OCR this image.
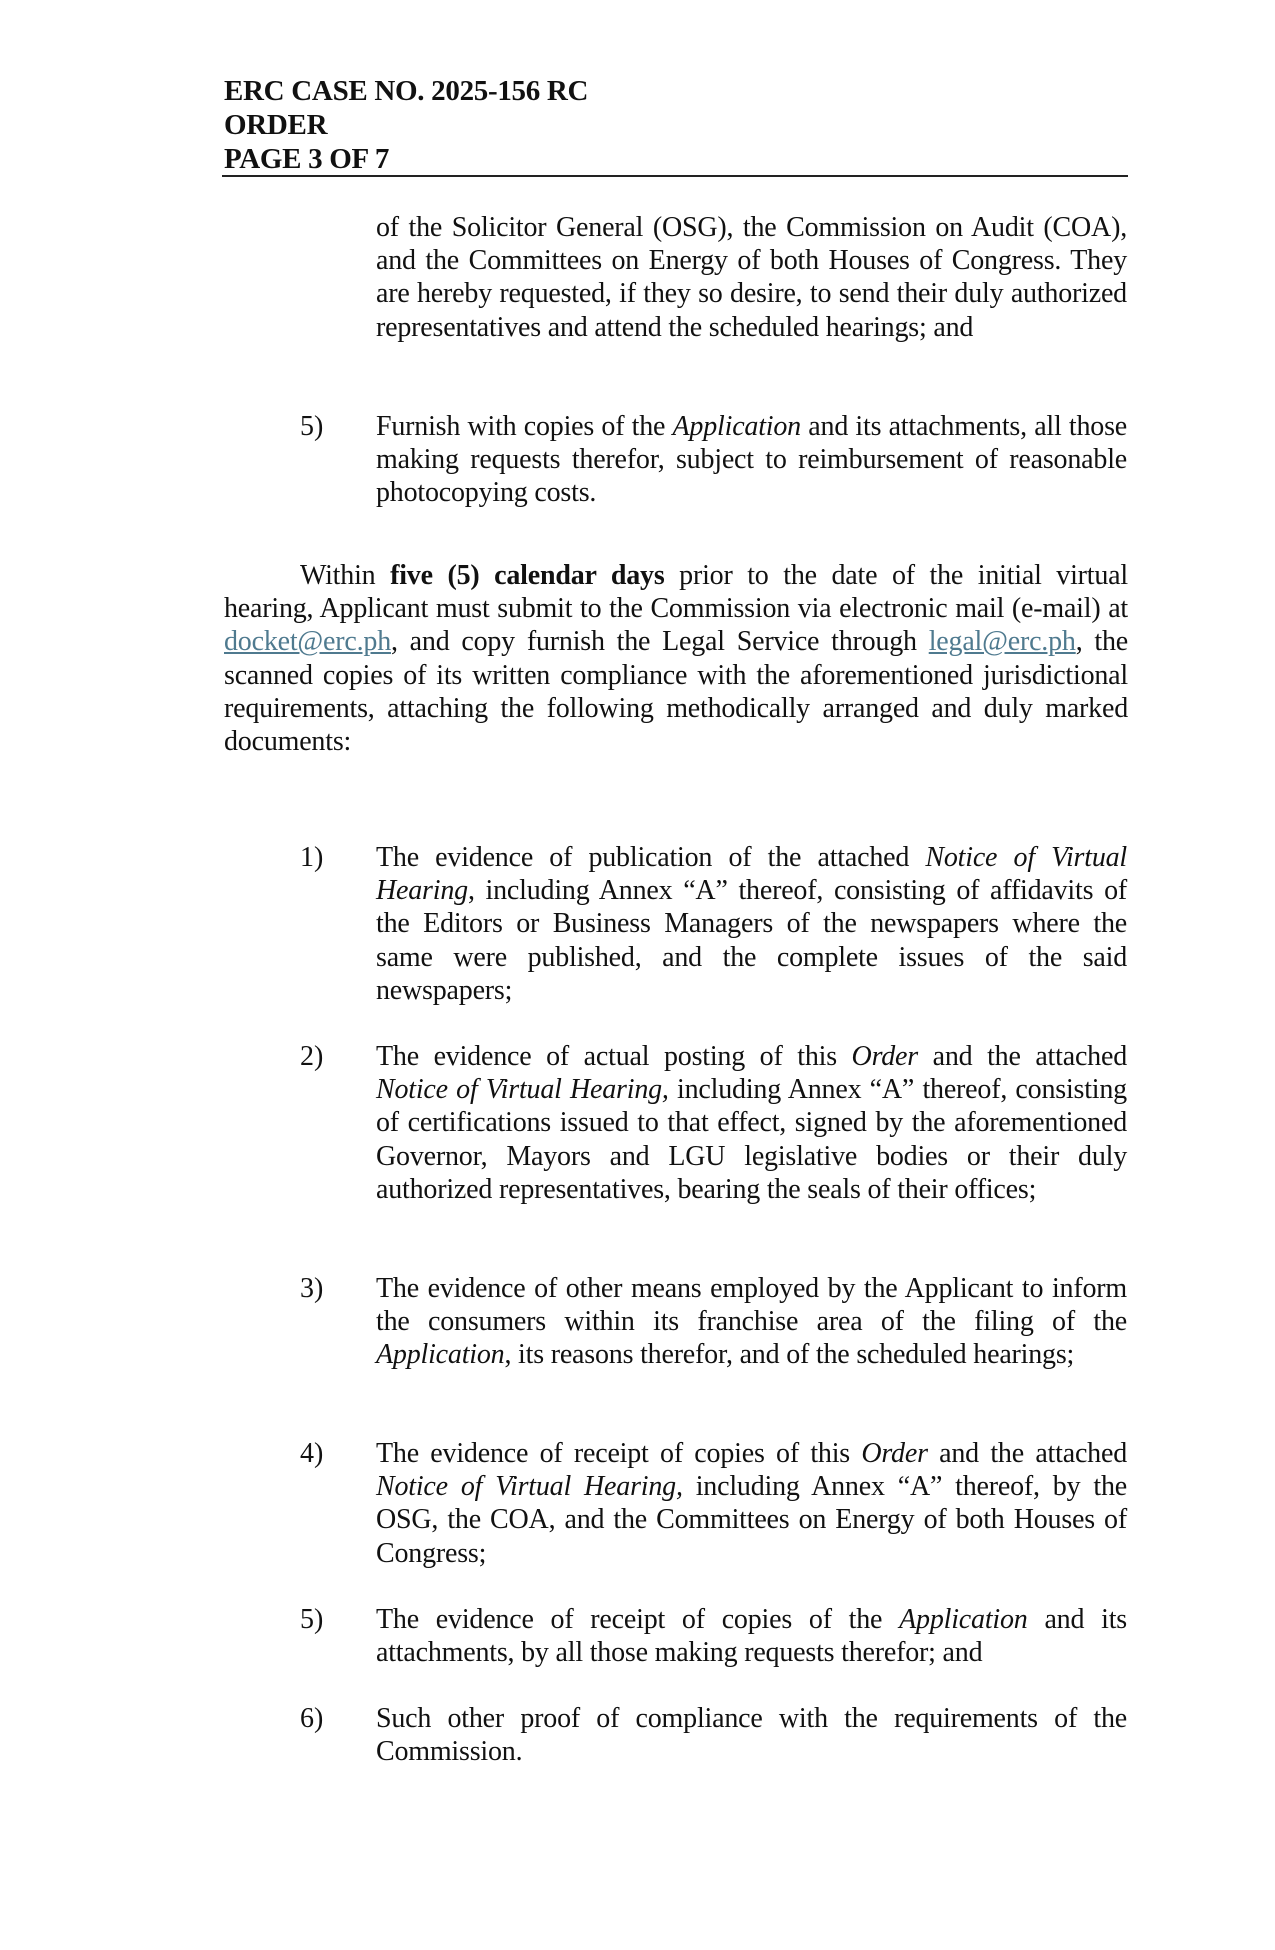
ERC CASE NO. 2025-156 RC
ORDER
PAGE 3 OF 7
of the Solicitor General (OSG), the Commission on Audit (COA), and the Committees on Energy of both Houses of Congress. They are hereby requested, if they so desire, to send their duly authorized representatives and attend the scheduled hearings; and
5) Furnish with copies of the Application and its attachments, all those making requests therefor, subject to reimbursement of reasonable photocopying costs.
Within five (5) calendar days prior to the date of the initial virtual hearing, Applicant must submit to the Commission via electronic mail (e-mail) at docket@erc.ph, and copy furnish the Legal Service through legal@erc.ph, the scanned copies of its written compliance with the aforementioned jurisdictional requirements, attaching the following methodically arranged and duly marked documents:
1) The evidence of publication of the attached Notice of Virtual Hearing, including Annex “A” thereof, consisting of affidavits of the Editors or Business Managers of the newspapers where the same were published, and the complete issues of the said newspapers;
2) The evidence of actual posting of this Order and the attached Notice of Virtual Hearing, including Annex “A” thereof, consisting of certifications issued to that effect, signed by the aforementioned Governor, Mayors and LGU legislative bodies or their duly authorized representatives, bearing the seals of their offices;
3) The evidence of other means employed by the Applicant to inform the consumers within its franchise area of the filing of the Application, its reasons therefor, and of the scheduled hearings;
4) The evidence of receipt of copies of this Order and the attached Notice of Virtual Hearing, including Annex “A” thereof, by the OSG, the COA, and the Committees on Energy of both Houses of Congress;
5) The evidence of receipt of copies of the Application and its attachments, by all those making requests therefor; and
6) Such other proof of compliance with the requirements of the Commission.
